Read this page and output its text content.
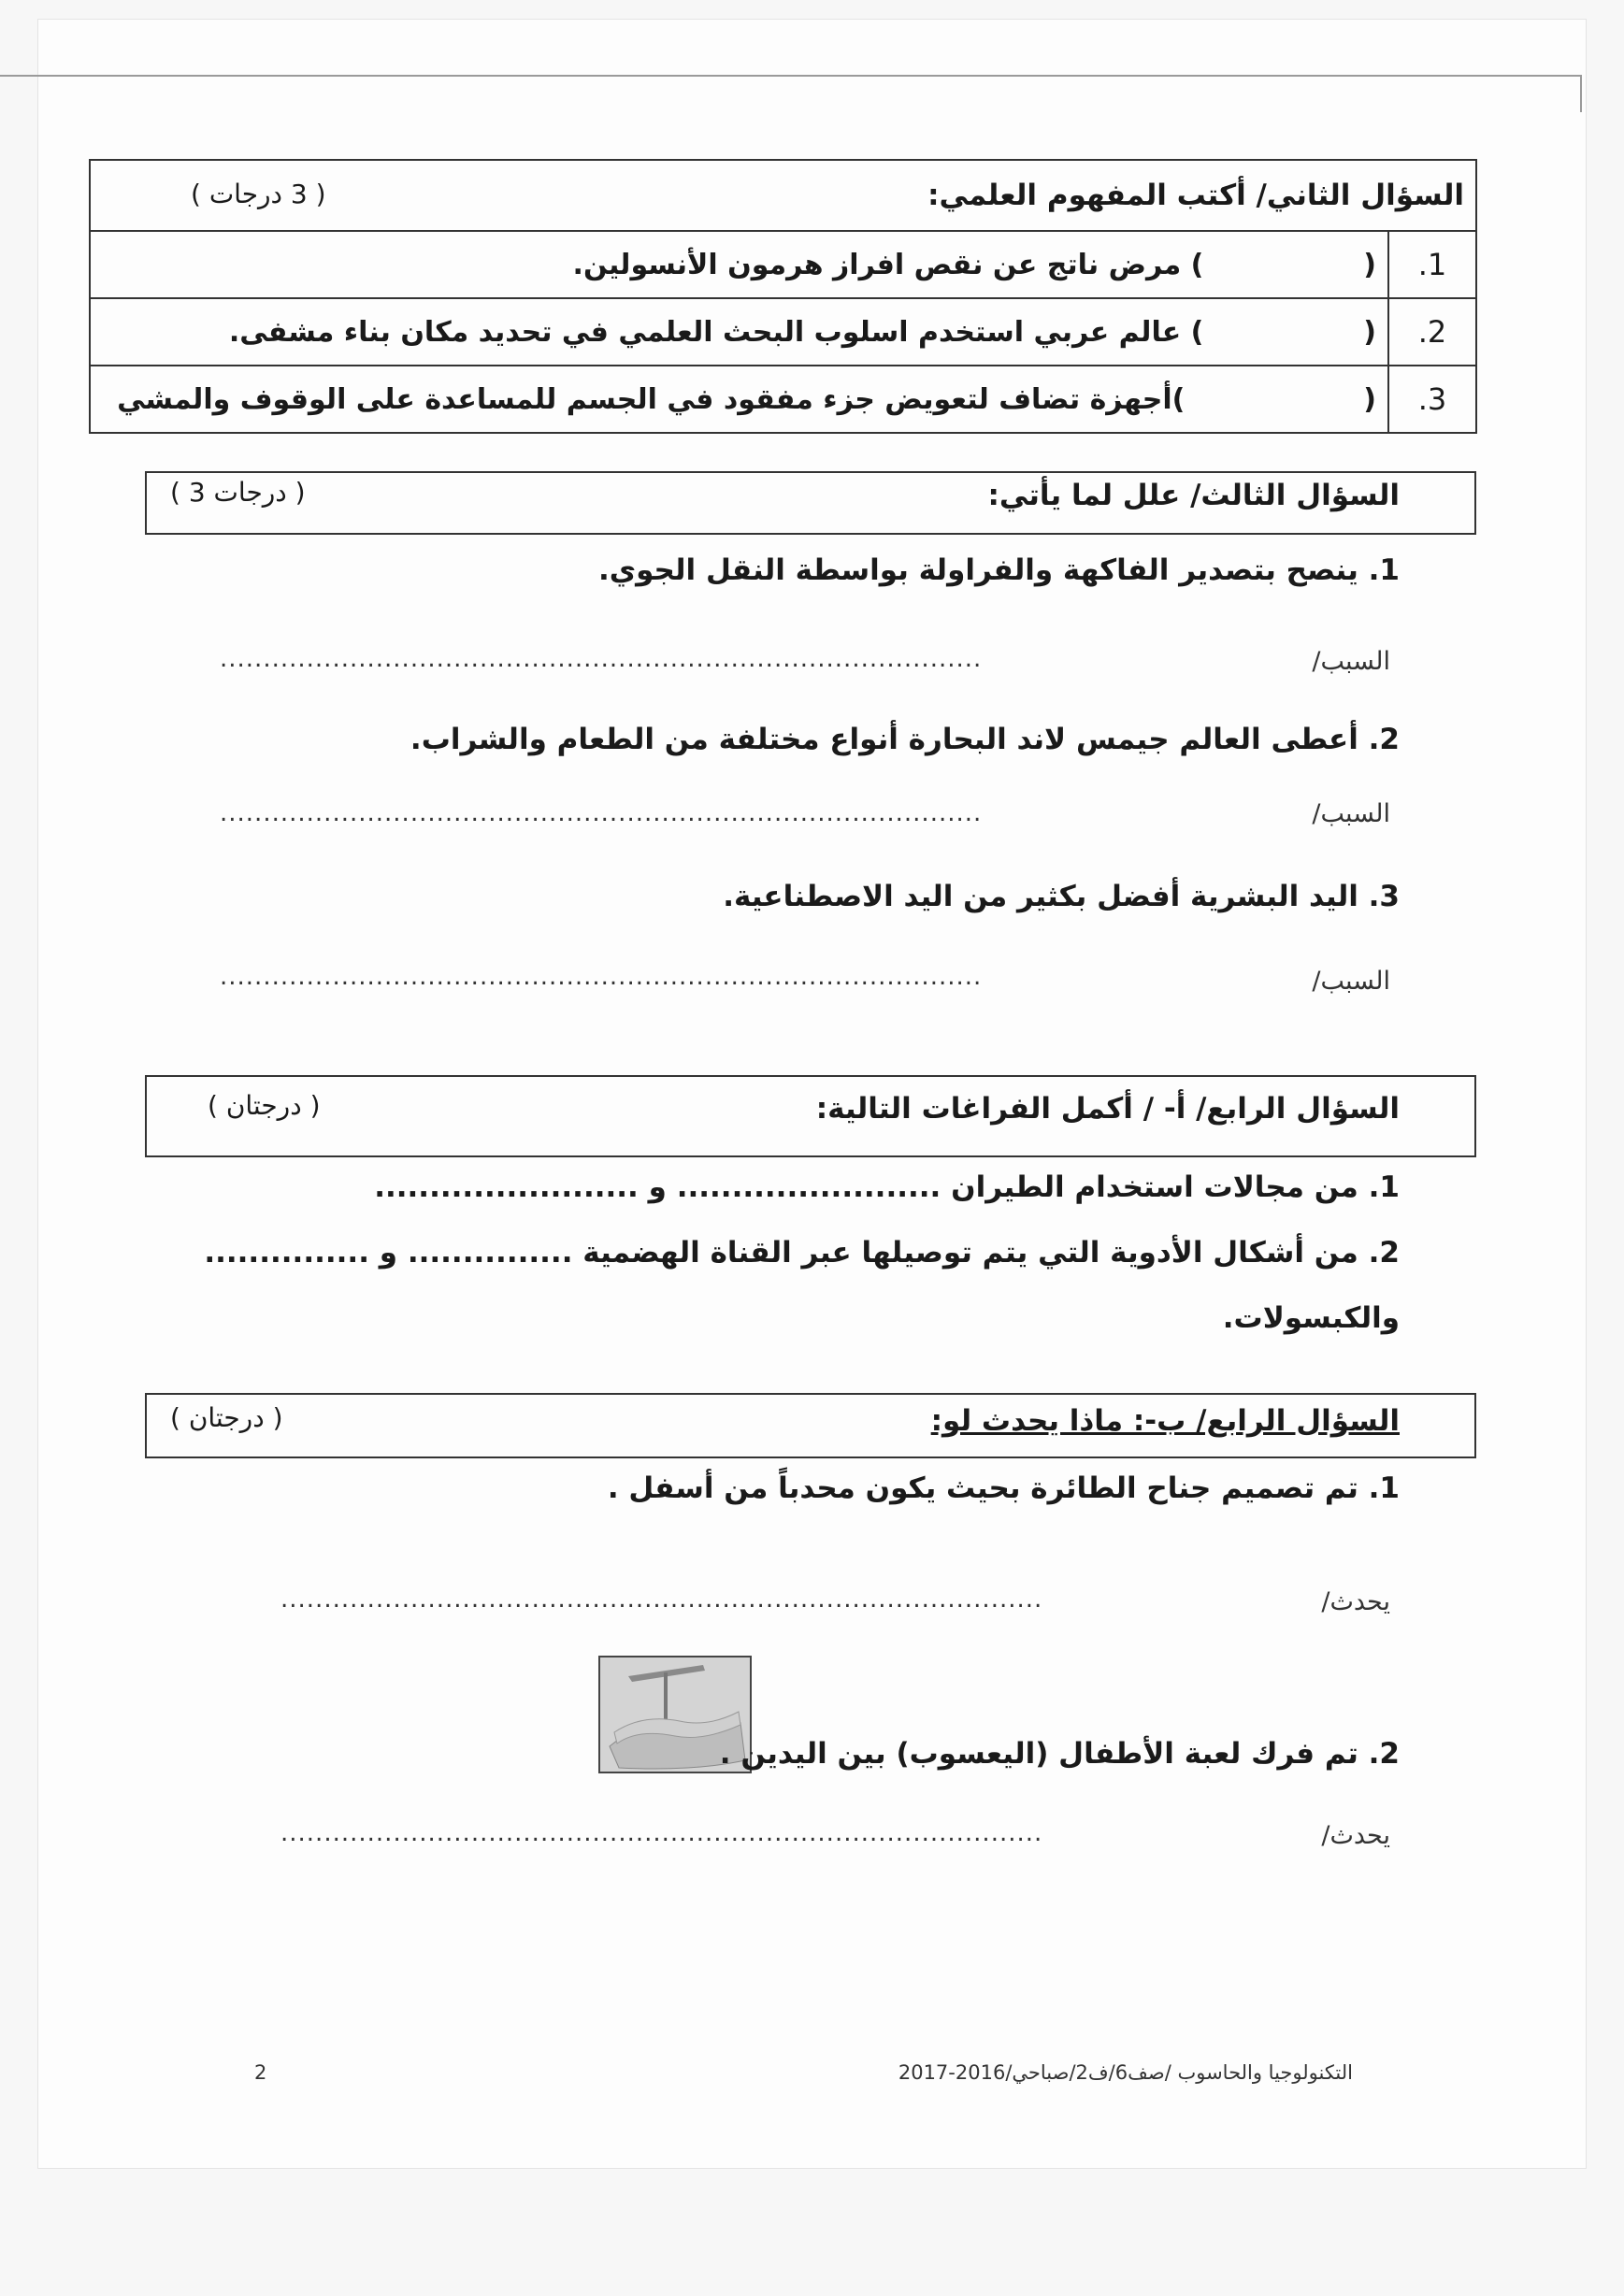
السؤال الثاني/ أكتب المفهوم العلمي:
( 3 درجات )	

1.	(  ) مرض ناتج عن نقص افراز هرمون الأنسولين.
2.	(  ) عالم عربي استخدم اسلوب البحث العلمي في تحديد مكان بناء مشفى.
3.	(  )أجهزة تضاف لتعويض جزء مفقود في الجسم للمساعدة على الوقوف والمشي
السؤال الثالث/ علل لما يأتي:
( 3 درجات )
1. ينصح بتصدير الفاكهة والفراولة بواسطة النقل الجوي.
السبب/
........................................................................................
2. أعطى العالم جيمس لاند البحارة أنواع مختلفة من الطعام والشراب.
السبب/
........................................................................................
3. اليد البشرية أفضل بكثير من اليد الاصطناعية.
السبب/
........................................................................................
السؤال الرابع/ أ- / أكمل الفراغات التالية:
( درجتان )
1. من مجالات استخدام الطيران ........................ و ........................
2. من أشكال الأدوية التي يتم توصيلها عبر القناة الهضمية ............... و ...............
والكبسولات.
السؤال الرابع/ ب-: ماذا يحدث لو:
( درجتان )
1. تم تصميم جناح الطائرة بحيث يكون محدباً من أسفل .
يحدث/
........................................................................................
2. تم فرك لعبة الأطفال (اليعسوب) بين اليدين .
يحدث/
........................................................................................
2	التكنولوجيا والحاسوب /صف6/ف2/صباحي/2016-2017
